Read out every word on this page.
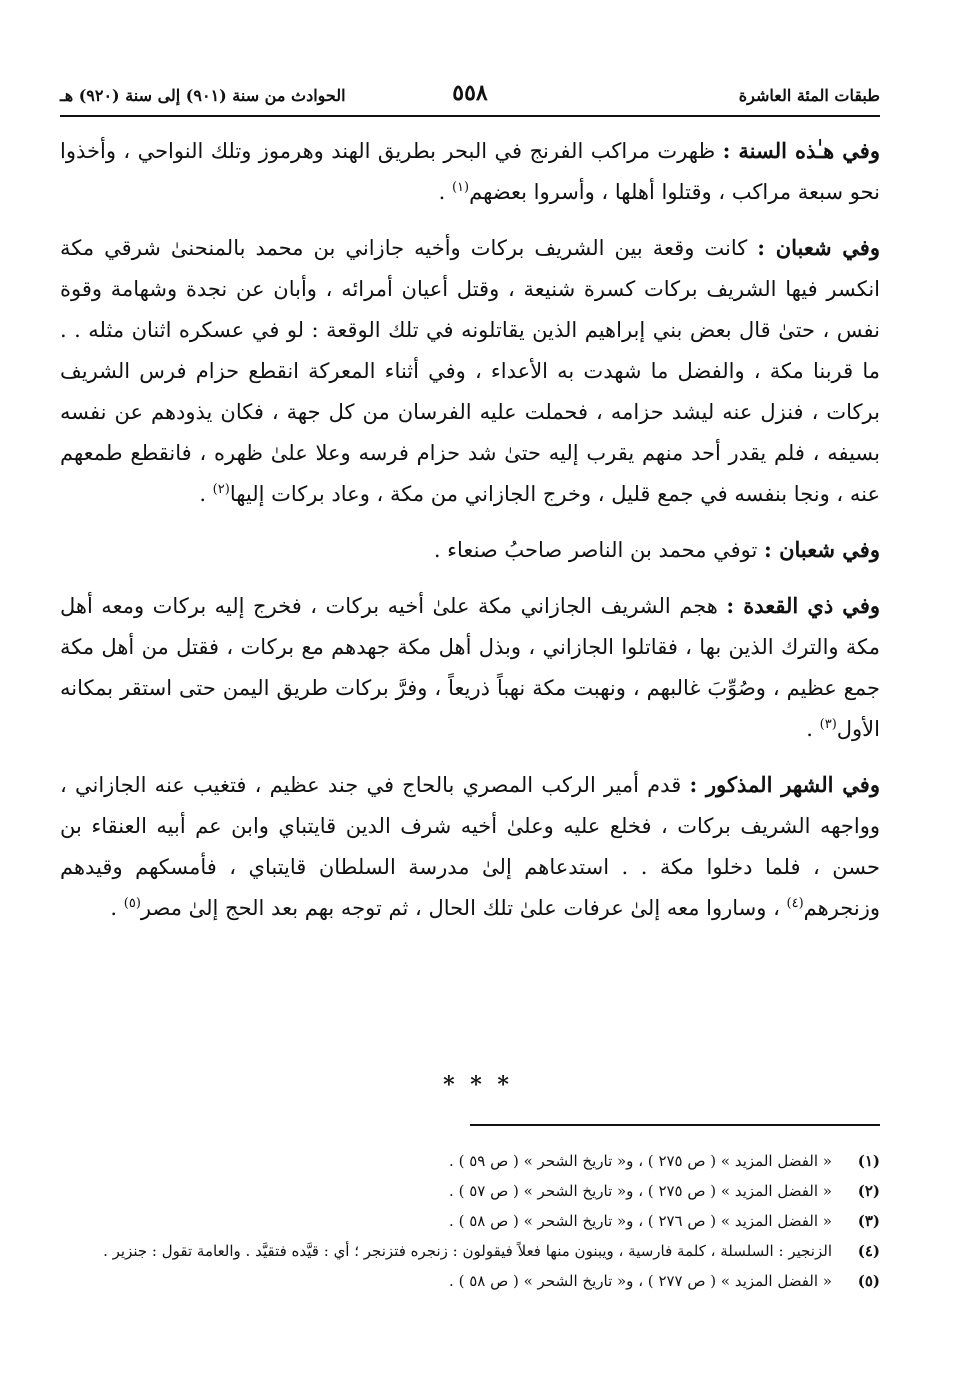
طبقات المئة العاشرة
٥٥٨
الحوادث من سنة (٩٠١) إلى سنة (٩٢٠) هـ

وفي هـٰذه السنة : ظهرت مراكب الفرنج في البحر بطريق الهند وهرموز وتلك النواحي ، وأخذوا نحو سبعة مراكب ، وقتلوا أهلها ، وأسروا بعضهم$^{(١)}$ .

وفي شعبان : كانت وقعة بين الشريف بركات وأخيه جازاني بن محمد بالمنحنىٰ شرقي مكة انكسر فيها الشريف بركات كسرة شنيعة ، وقتل أعيان أمرائه ، وأبان عن نجدة وشهامة وقوة نفس ، حتىٰ قال بعض بني إبراهيم الذين يقاتلونه في تلك الوقعة : لو في عسكره اثنان مثله . . ما قربنا مكة ، والفضل ما شهدت به الأعداء ، وفي أثناء المعركة انقطع حزام فرس الشريف بركات ، فنزل عنه ليشد حزامه ، فحملت عليه الفرسان من كل جهة ، فكان يذودهم عن نفسه بسيفه ، فلم يقدر أحد منهم يقرب إليه حتىٰ شد حزام فرسه وعلا علىٰ ظهره ، فانقطع طمعهم عنه ، ونجا بنفسه في جمع قليل ، وخرج الجازاني من مكة ، وعاد بركات إليها$^{(٢)}$ .

وفي شعبان : توفي محمد بن الناصر صاحبُ صنعاء .

وفي ذي القعدة : هجم الشريف الجازاني مكة علىٰ أخيه بركات ، فخرج إليه بركات ومعه أهل مكة والترك الذين بها ، فقاتلوا الجازاني ، وبذل أهل مكة جهدهم مع بركات ، فقتل من أهل مكة جمع عظيم ، وصُوِّبَ غالبهم ، ونهبت مكة نهباً ذريعاً ، وفرَّ بركات طريق اليمن حتى استقر بمكانه الأول$^{(٣)}$ .

وفي الشهر المذكور : قدم أمير الركب المصري بالحاج في جند عظيم ، فتغيب عنه الجازاني ، وواجهه الشريف بركات ، فخلع عليه وعلىٰ أخيه شرف الدين قايتباي وابن عم أبيه العنقاء بن حسن ، فلما دخلوا مكة . . استدعاهم إلىٰ مدرسة السلطان قايتباي ، فأمسكهم وقيدهم وزنجرهم$^{(٤)}$ ، وساروا معه إلىٰ عرفات علىٰ تلك الحال ، ثم توجه بهم بعد الحج إلىٰ مصر$^{(٥)}$ .

* * *

(١)
« الفضل المزيد » ( ص ٢٧٥ ) ، و« تاريخ الشحر » ( ص ٥٩ ) .

(٢)
« الفضل المزيد » ( ص ٢٧٥ ) ، و« تاريخ الشحر » ( ص ٥٧ ) .

(٣)
« الفضل المزيد » ( ص ٢٧٦ ) ، و« تاريخ الشحر » ( ص ٥٨ ) .

(٤)
الزنجير : السلسلة ، كلمة فارسية ، ويبنون منها فعلاً فيقولون : زنجره فتزنجر ؛ أي : قيَّده فتقيَّد . والعامة تقول : جنزير .

(٥)
« الفضل المزيد » ( ص ٢٧٧ ) ، و« تاريخ الشحر » ( ص ٥٨ ) .
